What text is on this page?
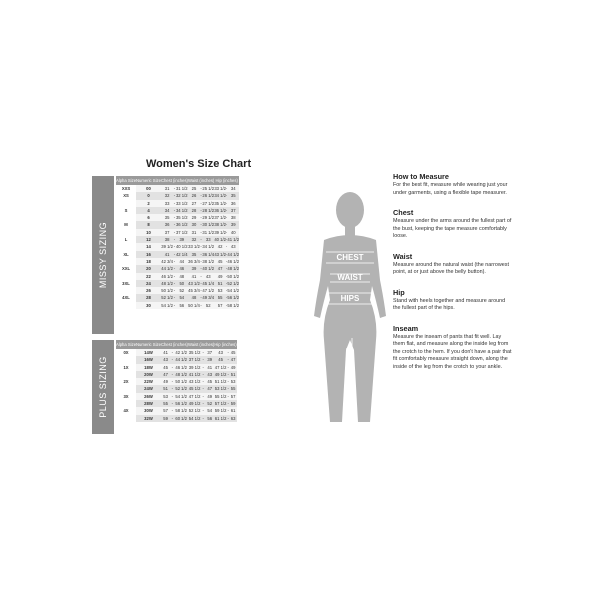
Women's Size Chart
MISSY SIZING
Alpha Size	Numeric Size		Chest (inches)			Waist (inches)			Hip (inches)	
XXS	00		31	-	31 1/2		25	-	25 1/2		33 1/2	-	34
XS	0		32	-	32 1/2		26	-	26 1/2		34 1/2	-	35
	2		33	-	33 1/2		27	-	27 1/2		35 1/2	-	36
S	4		34	-	34 1/2		28	-	28 1/2		36 1/2	-	37
	6		35	-	35 1/2		29	-	29 1/2		37 1/2	-	38
M	8		36	-	36 1/2		30	-	30 1/2		38 1/2	-	39
	10		37	-	37 1/2		31	-	31 1/2		39 1/2	-	40
L	12		38	-	39		32	-	33		40 1/2		41 1/2
	14		39 1/2	-	40 1/2		33 1/2	-	34 1/2		42	-	43
XL	16		41	-	42 1/4		35	-	36 1/4		43 1/2		44 1/2
	18		42 3/4	-	44		36 3/4	-	38 1/2		45		46 1/2
XXL	20		44 1/2	-	46		39	-	40 1/2		47		48 1/2
	22		46 1/2	-	48		41	-	43		49		50 1/2
3XL	24		48 1/2	-	50		43 1/2	-	45 1/4		51		52 1/2
	26		50 1/2	-	52		45 3/4	-	47 1/2		53		54 1/2
4XL	28		52 1/2	-	54		48	-	49 3/4		55		56 1/2
	30		54 1/2	-	56		50 1/4	-	52		57		58 1/2
PLUS SIZING
Alpha Size	Numeric Size		Chest (inches)			Waist (inches)			Hip (inches)		
0X	14W		41	-	42 1/2		35 1/2	-	37		43	-	45
	16W		43	-	44 1/2		37 1/2	-	39		45	-	47
1X	18W		45	-	46 1/2		39 1/2	-	41		47 1/2	-	49
	20W		47	-	48 1/2		41 1/2	-	43		49 1/2	-	51
2X	22W		49	-	50 1/2		43 1/2	-	45		51 1/2	-	53
	24W		51	-	52 1/2		45 1/2	-	47		53 1/2	-	55
3X	26W		53	-	54 1/2		47 1/2	-	49		55 1/2	-	57
	28W		55	-	56 1/2		49 1/2	-	52		57 1/2	-	59
4X	30W		57	-	58 1/2		52 1/2	-	54		59 1/2	-	61
	32W		59	-	60 1/2		54 1/2	-	56		61 1/2	-	63
CHEST
WAIST
HIPS
INSEAM
How to Measure

For the best fit, measure while wearing just your under garments, using a flexible tape measurer.

Chest

Measure under the arms around the fullest part of the bust, keeping the tape measure comfortably loose.

Waist

Measure around the natural waist (the narrowest point, at or just above the belly button).

Hip

Stand with heels together and measure around the fullest part of the hips.

Inseam

Measure the inseam of pants that fit well. Lay them flat, and measure along the inside leg from the crotch to the hem. If you don't have a pair that fit comfortably measure straight down, along the inside of the leg from the crotch to your ankle.
